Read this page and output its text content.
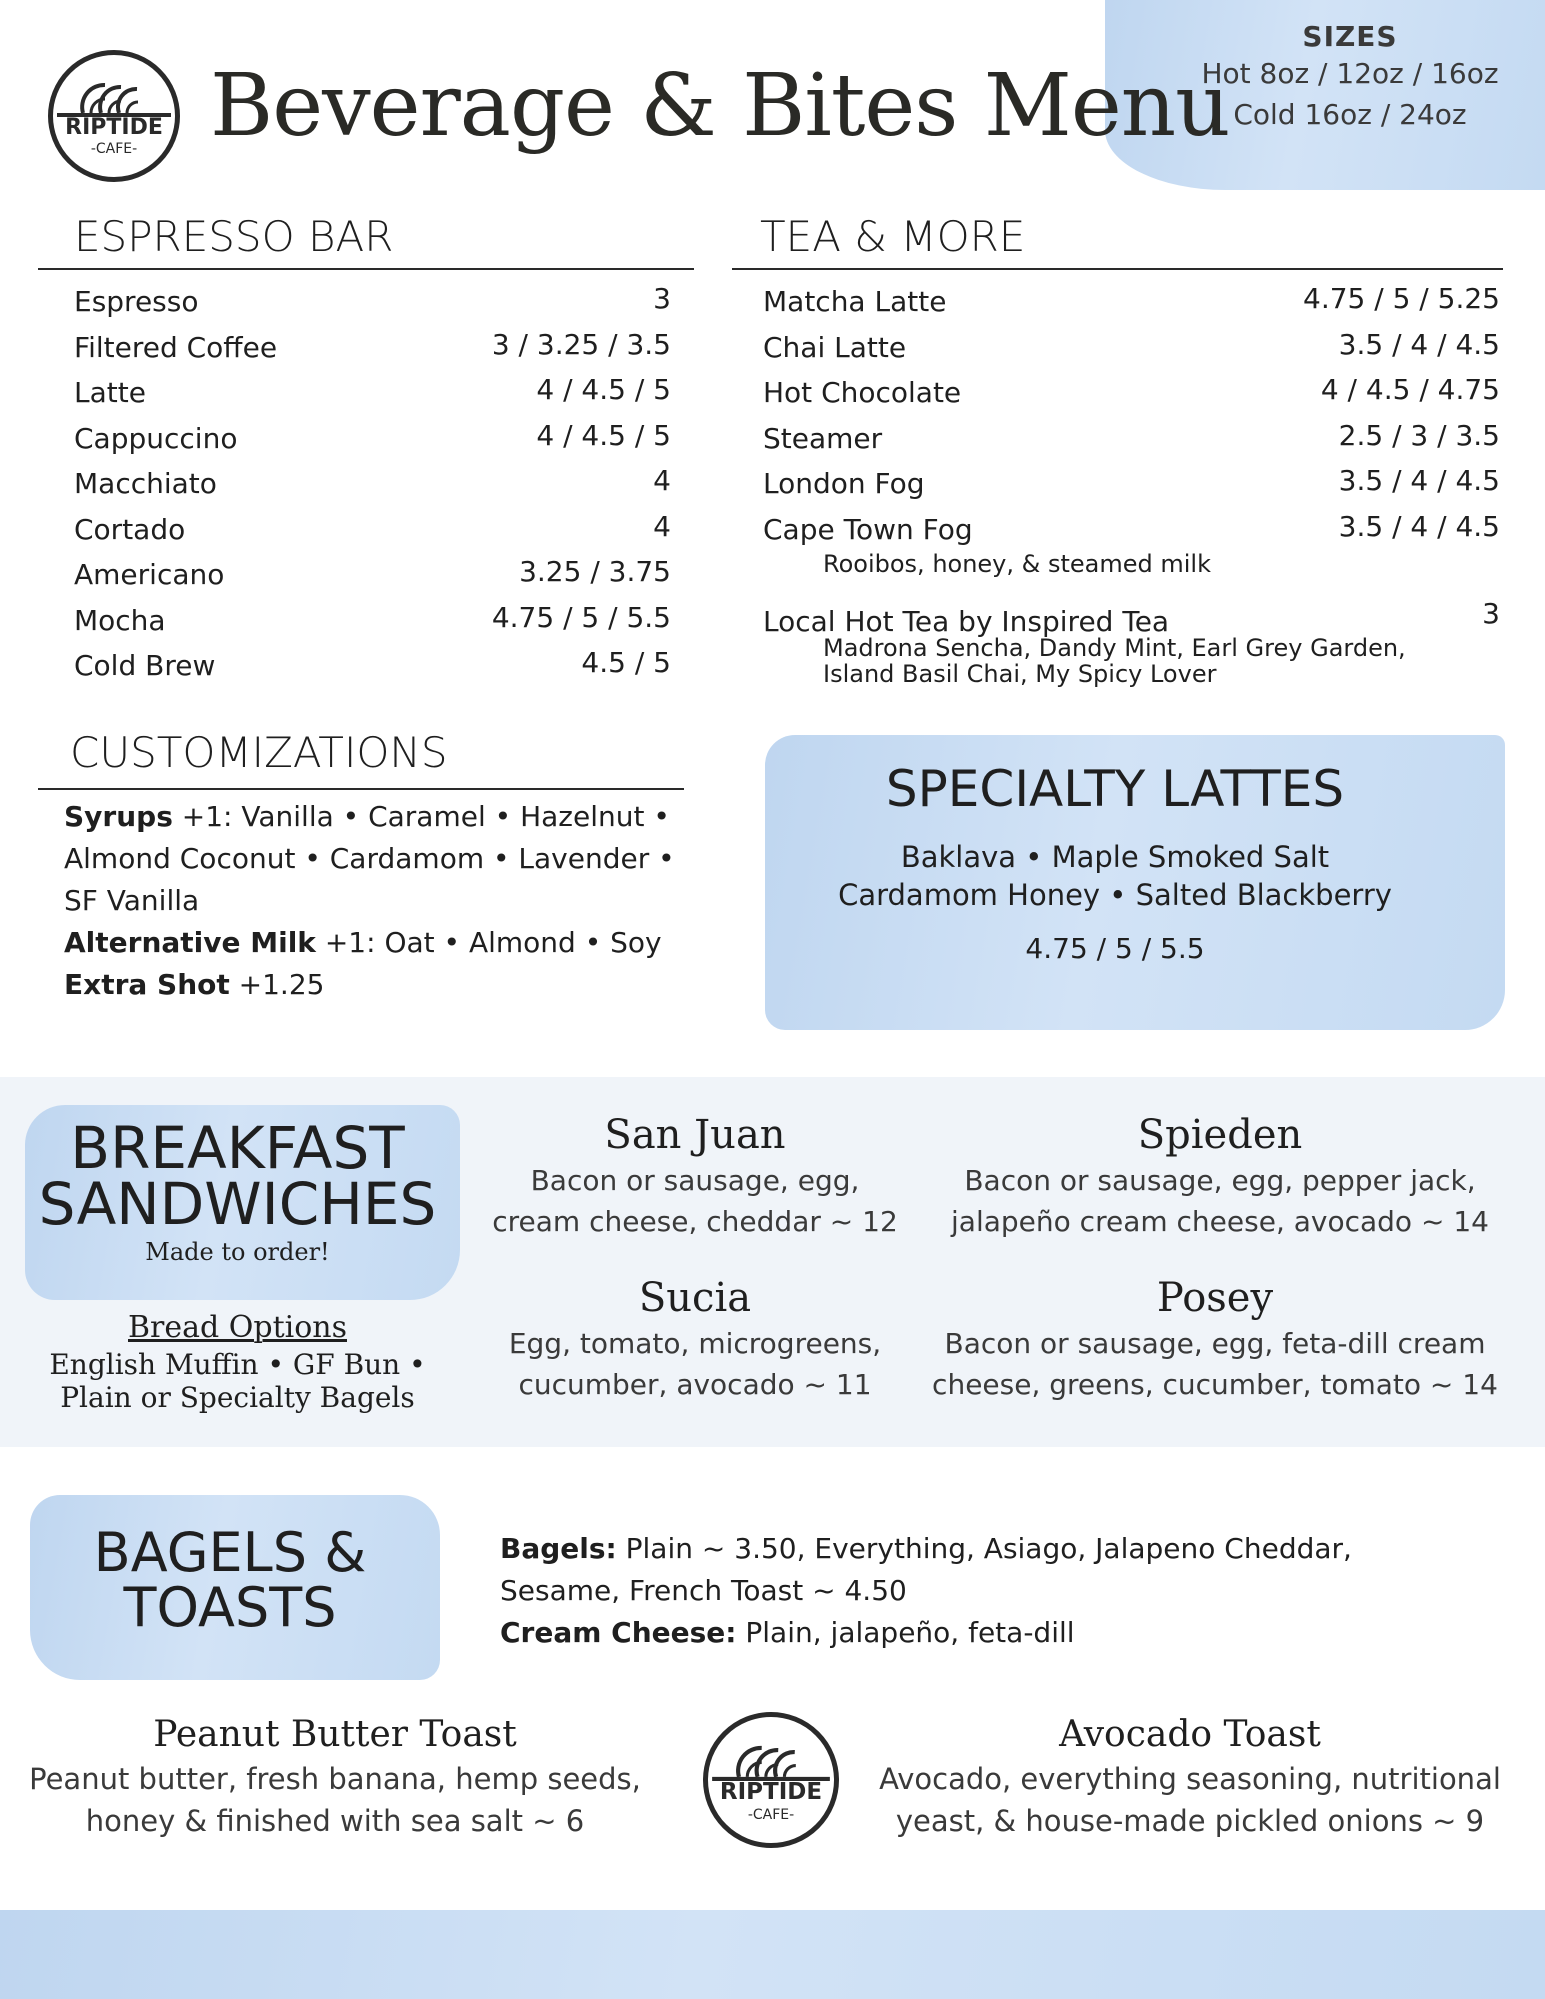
RIPTIDE
-CAFE- Beverage & Bites Menu
SIZES
Hot 8oz / 12oz / 16oz
Cold 16oz / 24oz
ESPRESSO BAR
Espresso	3
Filtered Coffee	3 / 3.25 / 3.5
Latte	4 / 4.5 / 5
Cappuccino	4 / 4.5 / 5
Macchiato	4
Cortado	4
Americano	3.25 / 3.75
Mocha	4.75 / 5 / 5.5
Cold Brew	4.5 / 5
TEA & MORE
Matcha Latte	4.75 / 5 / 5.25
Chai Latte	3.5 / 4 / 4.5
Hot Chocolate	4 / 4.5 / 4.75
Steamer	2.5 / 3 / 3.5
London Fog	3.5 / 4 / 4.5
Cape Town Fog	3.5 / 4 / 4.5
Rooibos, honey, & steamed milk
Local Hot Tea by Inspired Tea	3
Madrona Sencha, Dandy Mint, Earl Grey Garden,
Island Basil Chai, My Spicy Lover
CUSTOMIZATIONS
Syrups +1: Vanilla • Caramel • Hazelnut • Almond Coconut • Cardamom • Lavender • SF Vanilla
Alternative Milk +1: Oat • Almond • Soy
Extra Shot +1.25
SPECIALTY LATTES
Baklava • Maple Smoked Salt
Cardamom Honey • Salted Blackberry
4.75 / 5 / 5.5
BREAKFAST
SANDWICHES
Made to order!
Bread Options
English Muffin • GF Bun •
Plain or Specialty Bagels
San Juan
Bacon or sausage, egg,
cream cheese, cheddar ~ 12
Spieden
Bacon or sausage, egg, pepper jack,
jalapeño cream cheese, avocado ~ 14
Sucia
Egg, tomato, microgreens,
cucumber, avocado ~ 11
Posey
Bacon or sausage, egg, feta-dill cream
cheese, greens, cucumber, tomato ~ 14
BAGELS &
TOASTS
Bagels: Plain ~ 3.50, Everything, Asiago, Jalapeno Cheddar,
Sesame, French Toast ~ 4.50
Cream Cheese: Plain, jalapeño, feta-dill
Peanut Butter Toast
Peanut butter, fresh banana, hemp seeds,
honey & finished with sea salt ~ 6
RIPTIDE
-CAFE-
Avocado Toast
Avocado, everything seasoning, nutritional
yeast, & house-made pickled onions ~ 9
